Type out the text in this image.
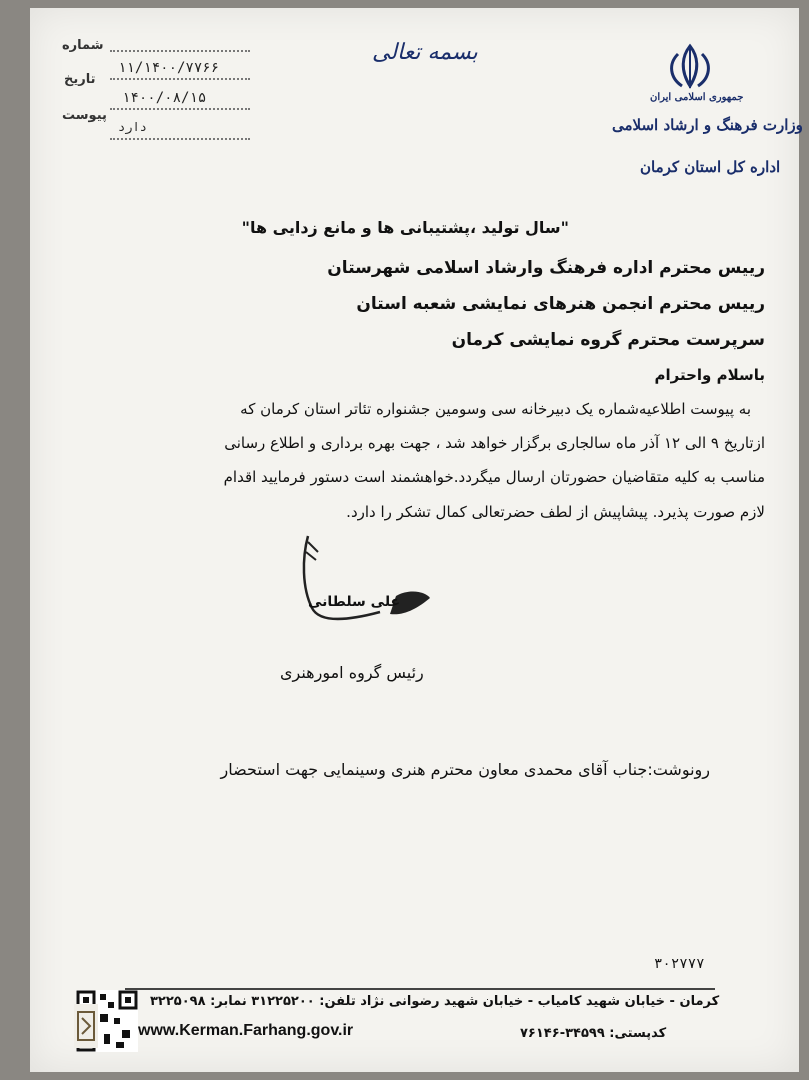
شماره
۱۱/۱۴۰۰/۷۷۶۶
تاریخ
۱۴۰۰/۰۸/۱۵
پیوست
دارد
بسمه تعالی
جمهوری اسلامی ایران
وزارت فرهنگ و ارشاد اسلامی
اداره کل استان کرمان
"سال تولید ،پشتیبانی ها و مانع زدایی ها"
رییس محترم اداره فرهنگ وارشاد اسلامی شهرستان
رییس محترم انجمن هنرهای نمایشی شعبه استان
سرپرست محترم گروه نمایشی کرمان
باسلام واحترام
به پیوست اطلاعیه‌شماره یک دبیرخانه سی وسومین جشنواره تئاتر استان کرمان که
ازتاریخ ۹ الی ۱۲ آذر ماه سالجاری برگزار خواهد شد ، جهت بهره برداری و اطلاع رسانی
مناسب به کلیه متقاضیان حضورتان ارسال میگردد.خواهشمند است دستور فرمایید اقدام
لازم صورت پذیرد. پیشاپیش از لطف حضرتعالی کمال تشکر را دارد.
علی سلطانی
رئیس گروه امورهنری
رونوشت:جناب آقای محمدی معاون محترم هنری وسینمایی جهت استحضار
۳۰۲۷۷۷
کرمان - خیابان شهید کامیاب - خیابان شهید رضوانی نژاد تلفن: ۳۱۲۲۵۲۰۰ نمابر: ۳۲۲۵۰۹۸
کدپستی: ۳۴۵۹۹-۷۶۱۴۶
www.Kerman.Farhang.gov.ir
